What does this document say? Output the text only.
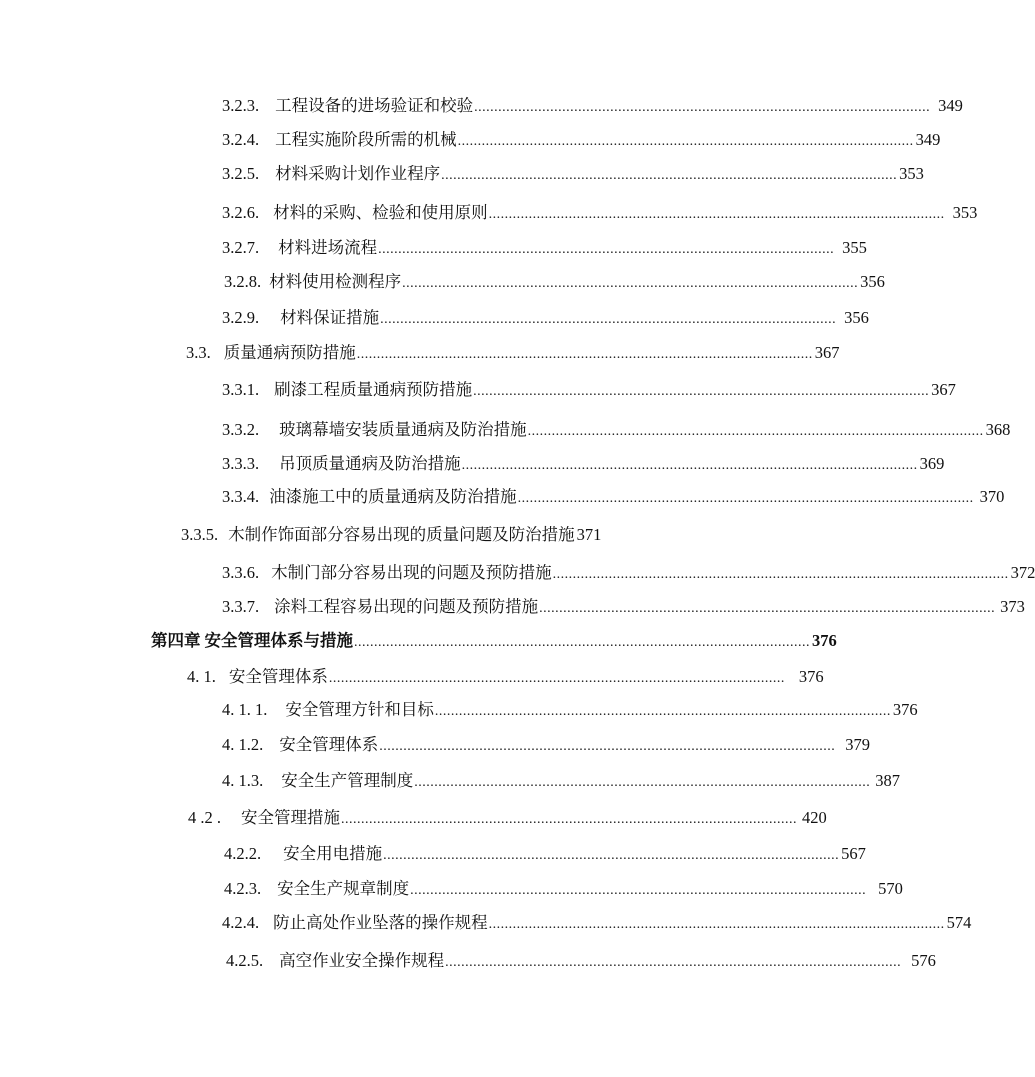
3.2.3. 工程设备的进场验证和校验 .................................................................................................................. 349
3.2.4. 工程实施阶段所需的机械 .................................................................................................................. 349
3.2.5. 材料采购计划作业程序 .................................................................................................................. 353
3.2.6. 材料的采购、检验和使用原则 .................................................................................................................. 353
3.2.7. 材料进场流程 .................................................................................................................. 355
3.2.8. 材料使用检测程序 .................................................................................................................. 356
3.2.9. 材料保证措施 .................................................................................................................. 356
3.3. 质量通病预防措施 .................................................................................................................. 367
3.3.1. 刷漆工程质量通病预防措施 .................................................................................................................. 367
3.3.2. 玻璃幕墙安装质量通病及防治措施 .................................................................................................................. 368
3.3.3. 吊顶质量通病及防治措施 .................................................................................................................. 369
3.3.4. 油漆施工中的质量通病及防治措施 .................................................................................................................. 370
3.3.5. 木制作饰面部分容易出现的质量问题及防治措施 371
3.3.6. 木制门部分容易出现的问题及预防措施 .................................................................................................................. 372
3.3.7. 涂料工程容易出现的问题及预防措施 .................................................................................................................. 373
第四章 安全管理体系与措施 .................................................................................................................. 376
4. 1. 安全管理体系 .................................................................................................................. 376
4. 1. 1. 安全管理方针和目标 .................................................................................................................. 376
4. 1.2. 安全管理体系 .................................................................................................................. 379
4. 1.3. 安全生产管理制度 .................................................................................................................. 387
4 .2 . 安全管理措施 .................................................................................................................. 420
4.2.2. 安全用电措施 .................................................................................................................. 567
4.2.3. 安全生产规章制度 .................................................................................................................. 570
4.2.4. 防止高处作业坠落的操作规程 .................................................................................................................. 574
4.2.5. 高空作业安全操作规程 .................................................................................................................. 576
